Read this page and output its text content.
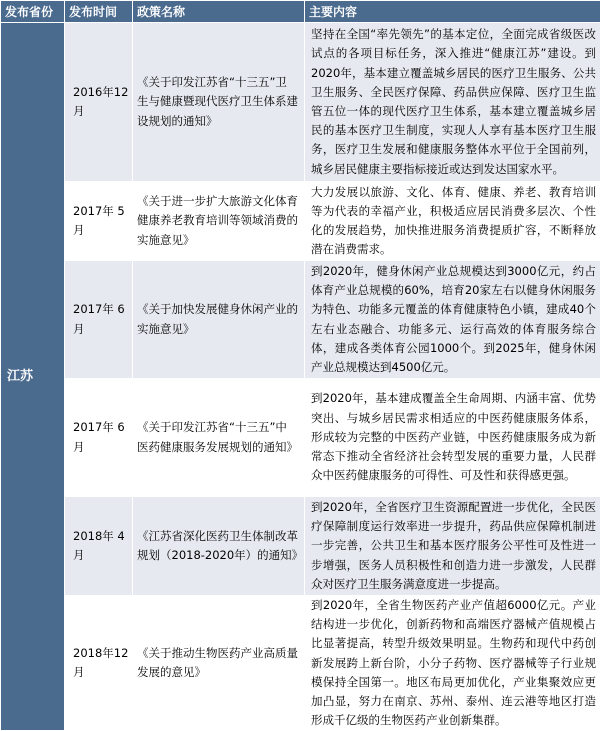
发布省份	发布时间	政策名称	主要内容
江苏	2016年12月	《关于印发江苏省“十三五”卫生与健康暨现代医疗卫生体系建设规划的通知》	坚持在全国“率先领先”的基本定位，全面完成省级医改试点的各项目标任务，深入推进“健康江苏”建设。到2020年，基本建立覆盖城乡居民的医疗卫生服务、公共卫生服务、全民医疗保障、药品供应保障、医疗卫生监管五位一体的现代医疗卫生体系，基本建立覆盖城乡居民的基本医疗卫生制度，实现人人享有基本医疗卫生服务，医疗卫生发展和健康服务整体水平位于全国前列，城乡居民健康主要指标接近或达到发达国家水平。
	2017年 5月	《关于进一步扩大旅游文化体育健康养老教育培训等领域消费的实施意见》	大力发展以旅游、文化、体育、健康、养老、教育培训等为代表的幸福产业，积极适应居民消费多层次、个性化的发展趋势，加快推进服务消费提质扩容，不断释放潜在消费需求。
	2017年 6月	《关于加快发展健身休闲产业的实施意见》	到2020年，健身休闲产业总规模达到3000亿元，约占体育产业总规模的60%，培育20家左右以健身休闲服务为特色、功能多元覆盖的体育健康特色小镇，建成40个左右业态融合、功能多元、运行高效的体育服务综合体，建成各类体育公园1000个。到2025年，健身休闲产业总规模达到4500亿元。
	2017年 6月	《关于印发江苏省“十三五”中医药健康服务发展规划的通知》	到2020年，基本建成覆盖全生命周期、内涵丰富、优势突出、与城乡居民需求相适应的中医药健康服务体系，形成较为完整的中医药产业链，中医药健康服务成为新常态下推动全省经济社会转型发展的重要力量，人民群众中医药健康服务的可得性、可及性和获得感更强。
	2018年 4月	《江苏省深化医药卫生体制改革规划（2018-2020年）的通知》	到2020年，全省医疗卫生资源配置进一步优化，全民医疗保障制度运行效率进一步提升，药品供应保障机制进一步完善，公共卫生和基本医疗服务公平性可及性进一步增强，医务人员积极性和创造力进一步激发，人民群众对医疗卫生服务满意度进一步提高。
	2018年12月	《关于推动生物医药产业高质量发展的意见》	到2020年，全省生物医药产业产值超6000亿元。产业结构进一步优化，创新药物和高端医疗器械产值规模占比显著提高，转型升级效果明显。生物药和现代中药创新发展跨上新台阶，小分子药物、医疗器械等子行业规模保持全国第一。地区布局更加优化，产业集聚效应更加凸显，努力在南京、苏州、泰州、连云港等地区打造形成千亿级的生物医药产业创新集群。
